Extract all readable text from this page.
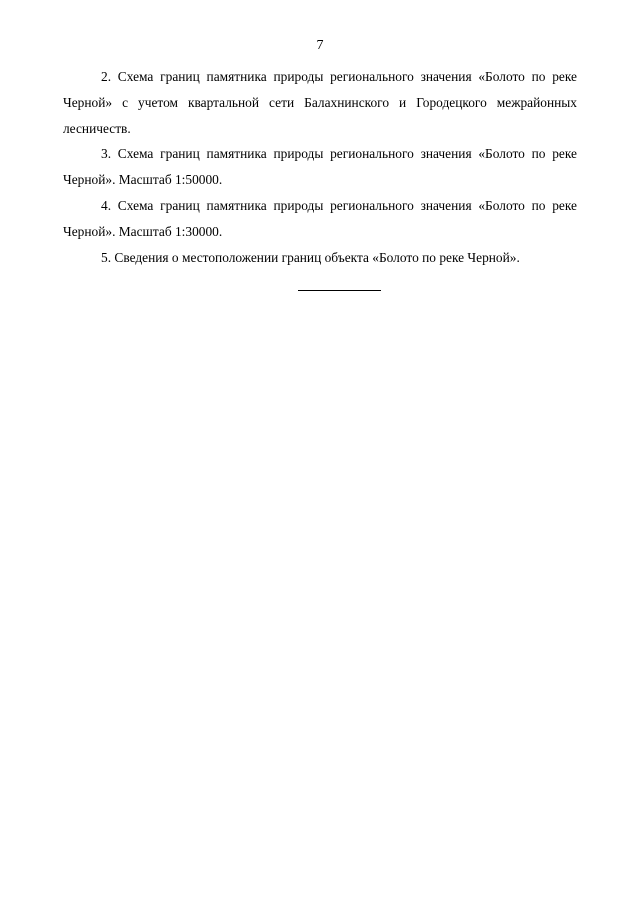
7

2. Схема границ памятника природы регионального значения «Болото по реке Черной» с учетом квартальной сети Балахнинского и Городецкого межрайонных лесничеств.

3. Схема границ памятника природы регионального значения «Болото по реке Черной». Масштаб 1:50000.

4. Схема границ памятника природы регионального значения «Болото по реке Черной». Масштаб 1:30000.

5. Сведения о местоположении границ объекта «Болото по реке Черной».
